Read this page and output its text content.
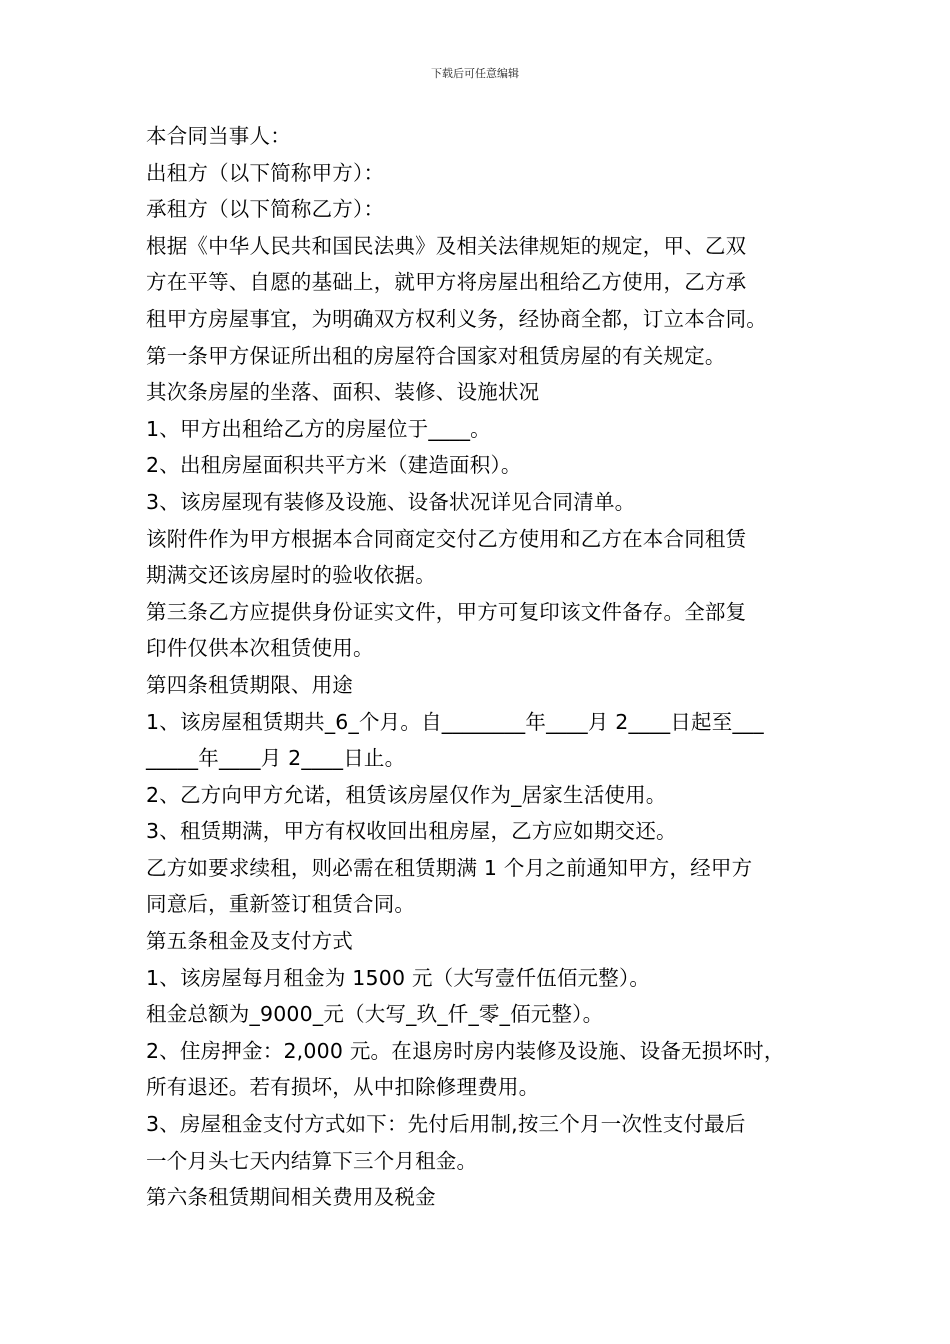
下载后可任意编辑
本合同当事人：
出租方（以下简称甲方）：
承租方（以下简称乙方）：
根据《中华人民共和国民法典》及相关法律规矩的规定，甲、乙双
方在平等、自愿的基础上，就甲方将房屋出租给乙方使用，乙方承
租甲方房屋事宜，为明确双方权利义务，经协商全都，订立本合同。
第一条甲方保证所出租的房屋符合国家对租赁房屋的有关规定。
其次条房屋的坐落、面积、装修、设施状况
1、甲方出租给乙方的房屋位于____。
2、出租房屋面积共平方米（建造面积）。
3、该房屋现有装修及设施、设备状况详见合同清单。
该附件作为甲方根据本合同商定交付乙方使用和乙方在本合同租赁
期满交还该房屋时的验收依据。
第三条乙方应提供身份证实文件，甲方可复印该文件备存。全部复
印件仅供本次租赁使用。
第四条租赁期限、用途
1、该房屋租赁期共_6_个月。自________年____月 2____日起至___
_____年____月 2____日止。
2、乙方向甲方允诺，租赁该房屋仅作为_居家生活使用。
3、租赁期满，甲方有权收回出租房屋，乙方应如期交还。
乙方如要求续租，则必需在租赁期满 1 个月之前通知甲方，经甲方
同意后，重新签订租赁合同。
第五条租金及支付方式
1、该房屋每月租金为 1500 元（大写壹仟伍佰元整）。
租金总额为_9000_元（大写_玖_仟_零_佰元整）。
2、住房押金：2,000 元。在退房时房内装修及设施、设备无损坏时，
所有退还。若有损坏，从中扣除修理费用。
3、房屋租金支付方式如下：先付后用制,按三个月一次性支付最后
一个月头七天内结算下三个月租金。
第六条租赁期间相关费用及税金
